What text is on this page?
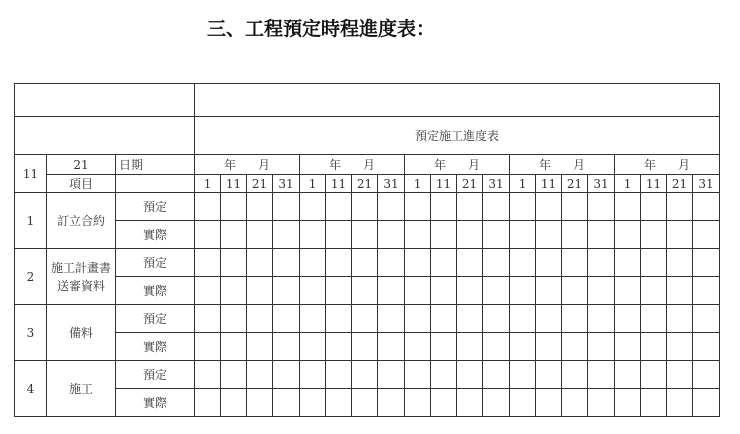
三、工程預定時程進度表：

			預定施工進度表																			
11	21	日期	年 月				年 月				年 月				年 月				年 月			
	項目		1	11	21	31	1	11	21	31	1	11	21	31	1	11	21	31	1	11	21	31
1	訂立合約	預定																				
		實際																				
2	施工計畫書
送審資料	預定																				
		實際																				
3	備料	預定																				
		實際																				
4	施工	預定																				
		實際																				
